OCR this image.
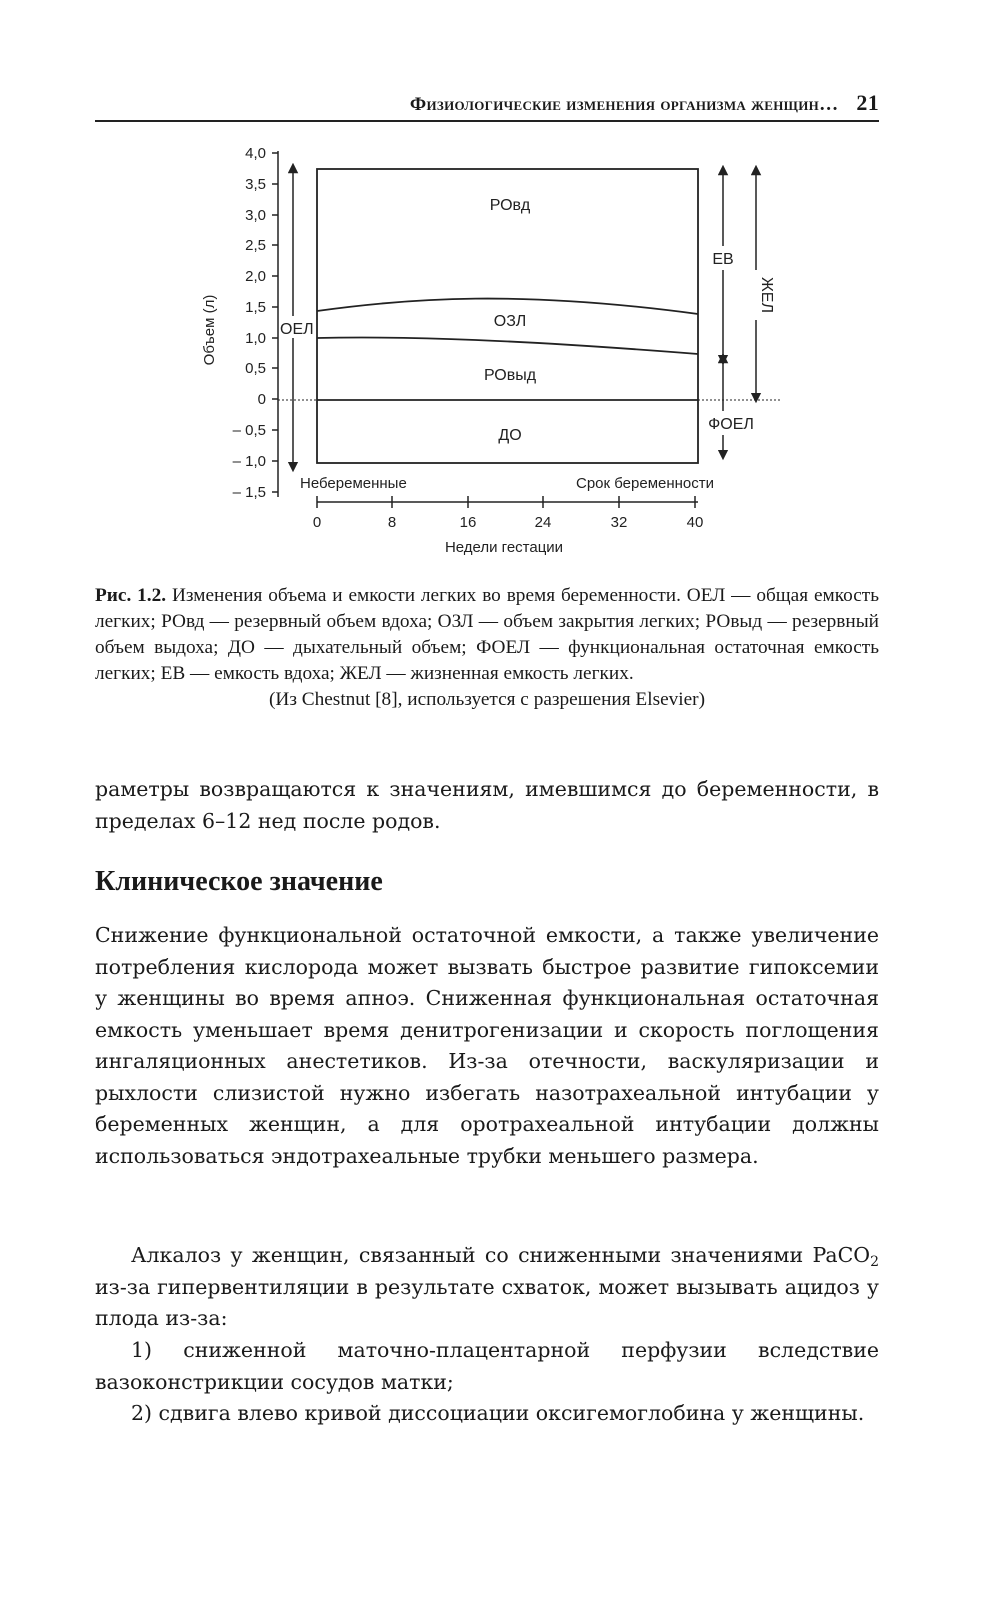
Физиологические изменения организма женщин… 21
4,0
3,5
3,0
2,5
2,0
1,5
1,0
0,5
0
– 0,5
– 1,0
– 1,5
Объем (л)	ОЕЛ
РОвд
ОЗЛ
РОвыд
ДО
ЕВ
ЖЕЛ
ФОЕЛ
Небеременные	Срок беременности
0	8	16	24	32	40
Недели гестации
Рис. 1.2. Изменения объема и емкости легких во время беременности. ОЕЛ — общая емкость легких; РОвд — резервный объем вдоха; ОЗЛ — объем закрытия легких; РОвыд — резервный объем выдоха; ДО — дыхательный объем; ФОЕЛ — функциональная остаточная емкость легких; ЕВ — емкость вдоха; ЖЕЛ — жизненная емкость легких.
(Из Chestnut [8], используется с разрешения Elsevier)

раметры возвращаются к значениям, имевшимся до беременности, в пределах 6–12 нед после родов.

Клиническое значение

Снижение функциональной остаточной емкости, а также увеличение потребления кислорода может вызвать быстрое развитие гипоксемии у женщины во время апноэ. Сниженная функциональная остаточная емкость уменьшает время денитрогенизации и скорость поглощения ингаляционных анестетиков. Из-за отечности, васкуляризации и рыхлости слизистой нужно избегать назотрахеальной интубации у беременных женщин, а для оротрахеальной интубации должны использоваться эндотрахеальные трубки меньшего размера.

Алкалоз у женщин, связанный со сниженными значениями PaCO$_2$ из-за гипервентиляции в результате схваток, может вызывать ацидоз у плода из-за:

1) сниженной маточно-плацентарной перфузии вследствие вазоконстрикции сосудов матки;

2) сдвига влево кривой диссоциации оксигемоглобина у женщины.
